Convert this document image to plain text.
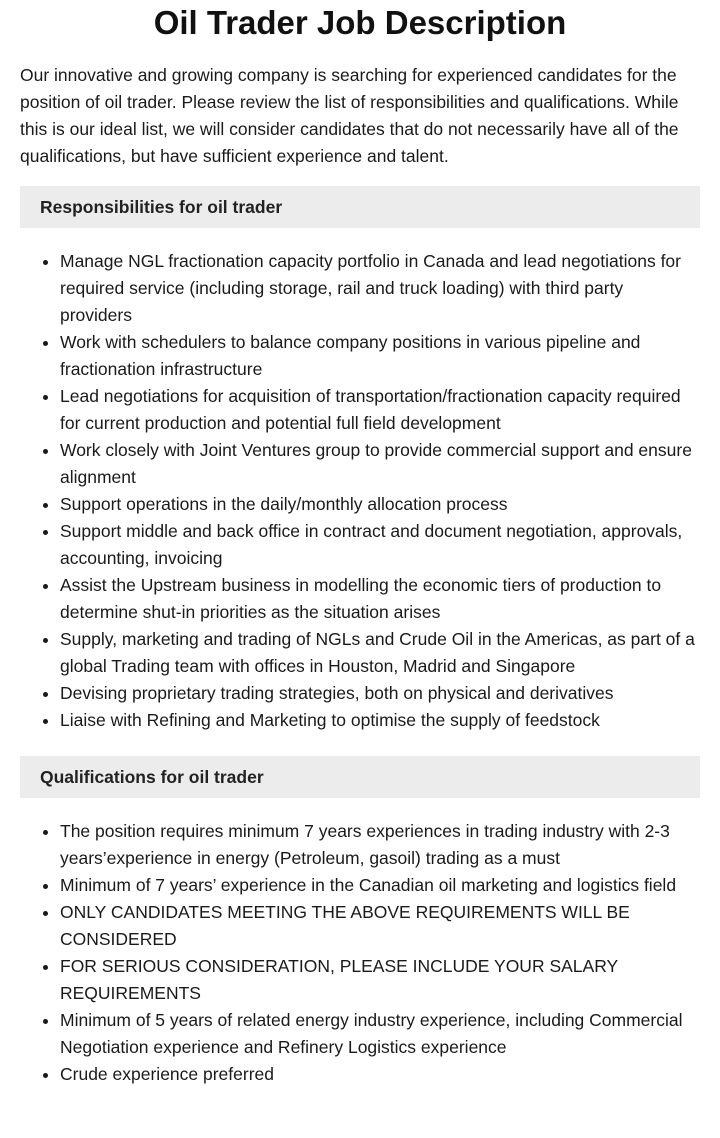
Oil Trader Job Description

Our innovative and growing company is searching for experienced candidates for the position of oil trader. Please review the list of responsibilities and qualifications. While this is our ideal list, we will consider candidates that do not necessarily have all of the qualifications, but have sufficient experience and talent.

Responsibilities for oil trader
• Manage NGL fractionation capacity portfolio in Canada and lead negotiations for required service (including storage, rail and truck loading) with third party providers
• Work with schedulers to balance company positions in various pipeline and fractionation infrastructure
• Lead negotiations for acquisition of transportation/fractionation capacity required for current production and potential full field development
• Work closely with Joint Ventures group to provide commercial support and ensure alignment
• Support operations in the daily/monthly allocation process
• Support middle and back office in contract and document negotiation, approvals, accounting, invoicing
• Assist the Upstream business in modelling the economic tiers of production to determine shut-in priorities as the situation arises
• Supply, marketing and trading of NGLs and Crude Oil in the Americas, as part of a global Trading team with offices in Houston, Madrid and Singapore
• Devising proprietary trading strategies, both on physical and derivatives
• Liaise with Refining and Marketing to optimise the supply of feedstock
Qualifications for oil trader
• The position requires minimum 7 years experiences in trading industry with 2-3 years’experience in energy (Petroleum, gasoil) trading as a must
• Minimum of 7 years’ experience in the Canadian oil marketing and logistics field
• ONLY CANDIDATES MEETING THE ABOVE REQUIREMENTS WILL BE CONSIDERED
• FOR SERIOUS CONSIDERATION, PLEASE INCLUDE YOUR SALARY REQUIREMENTS
• Minimum of 5 years of related energy industry experience, including Commercial Negotiation experience and Refinery Logistics experience
• Crude experience preferred
